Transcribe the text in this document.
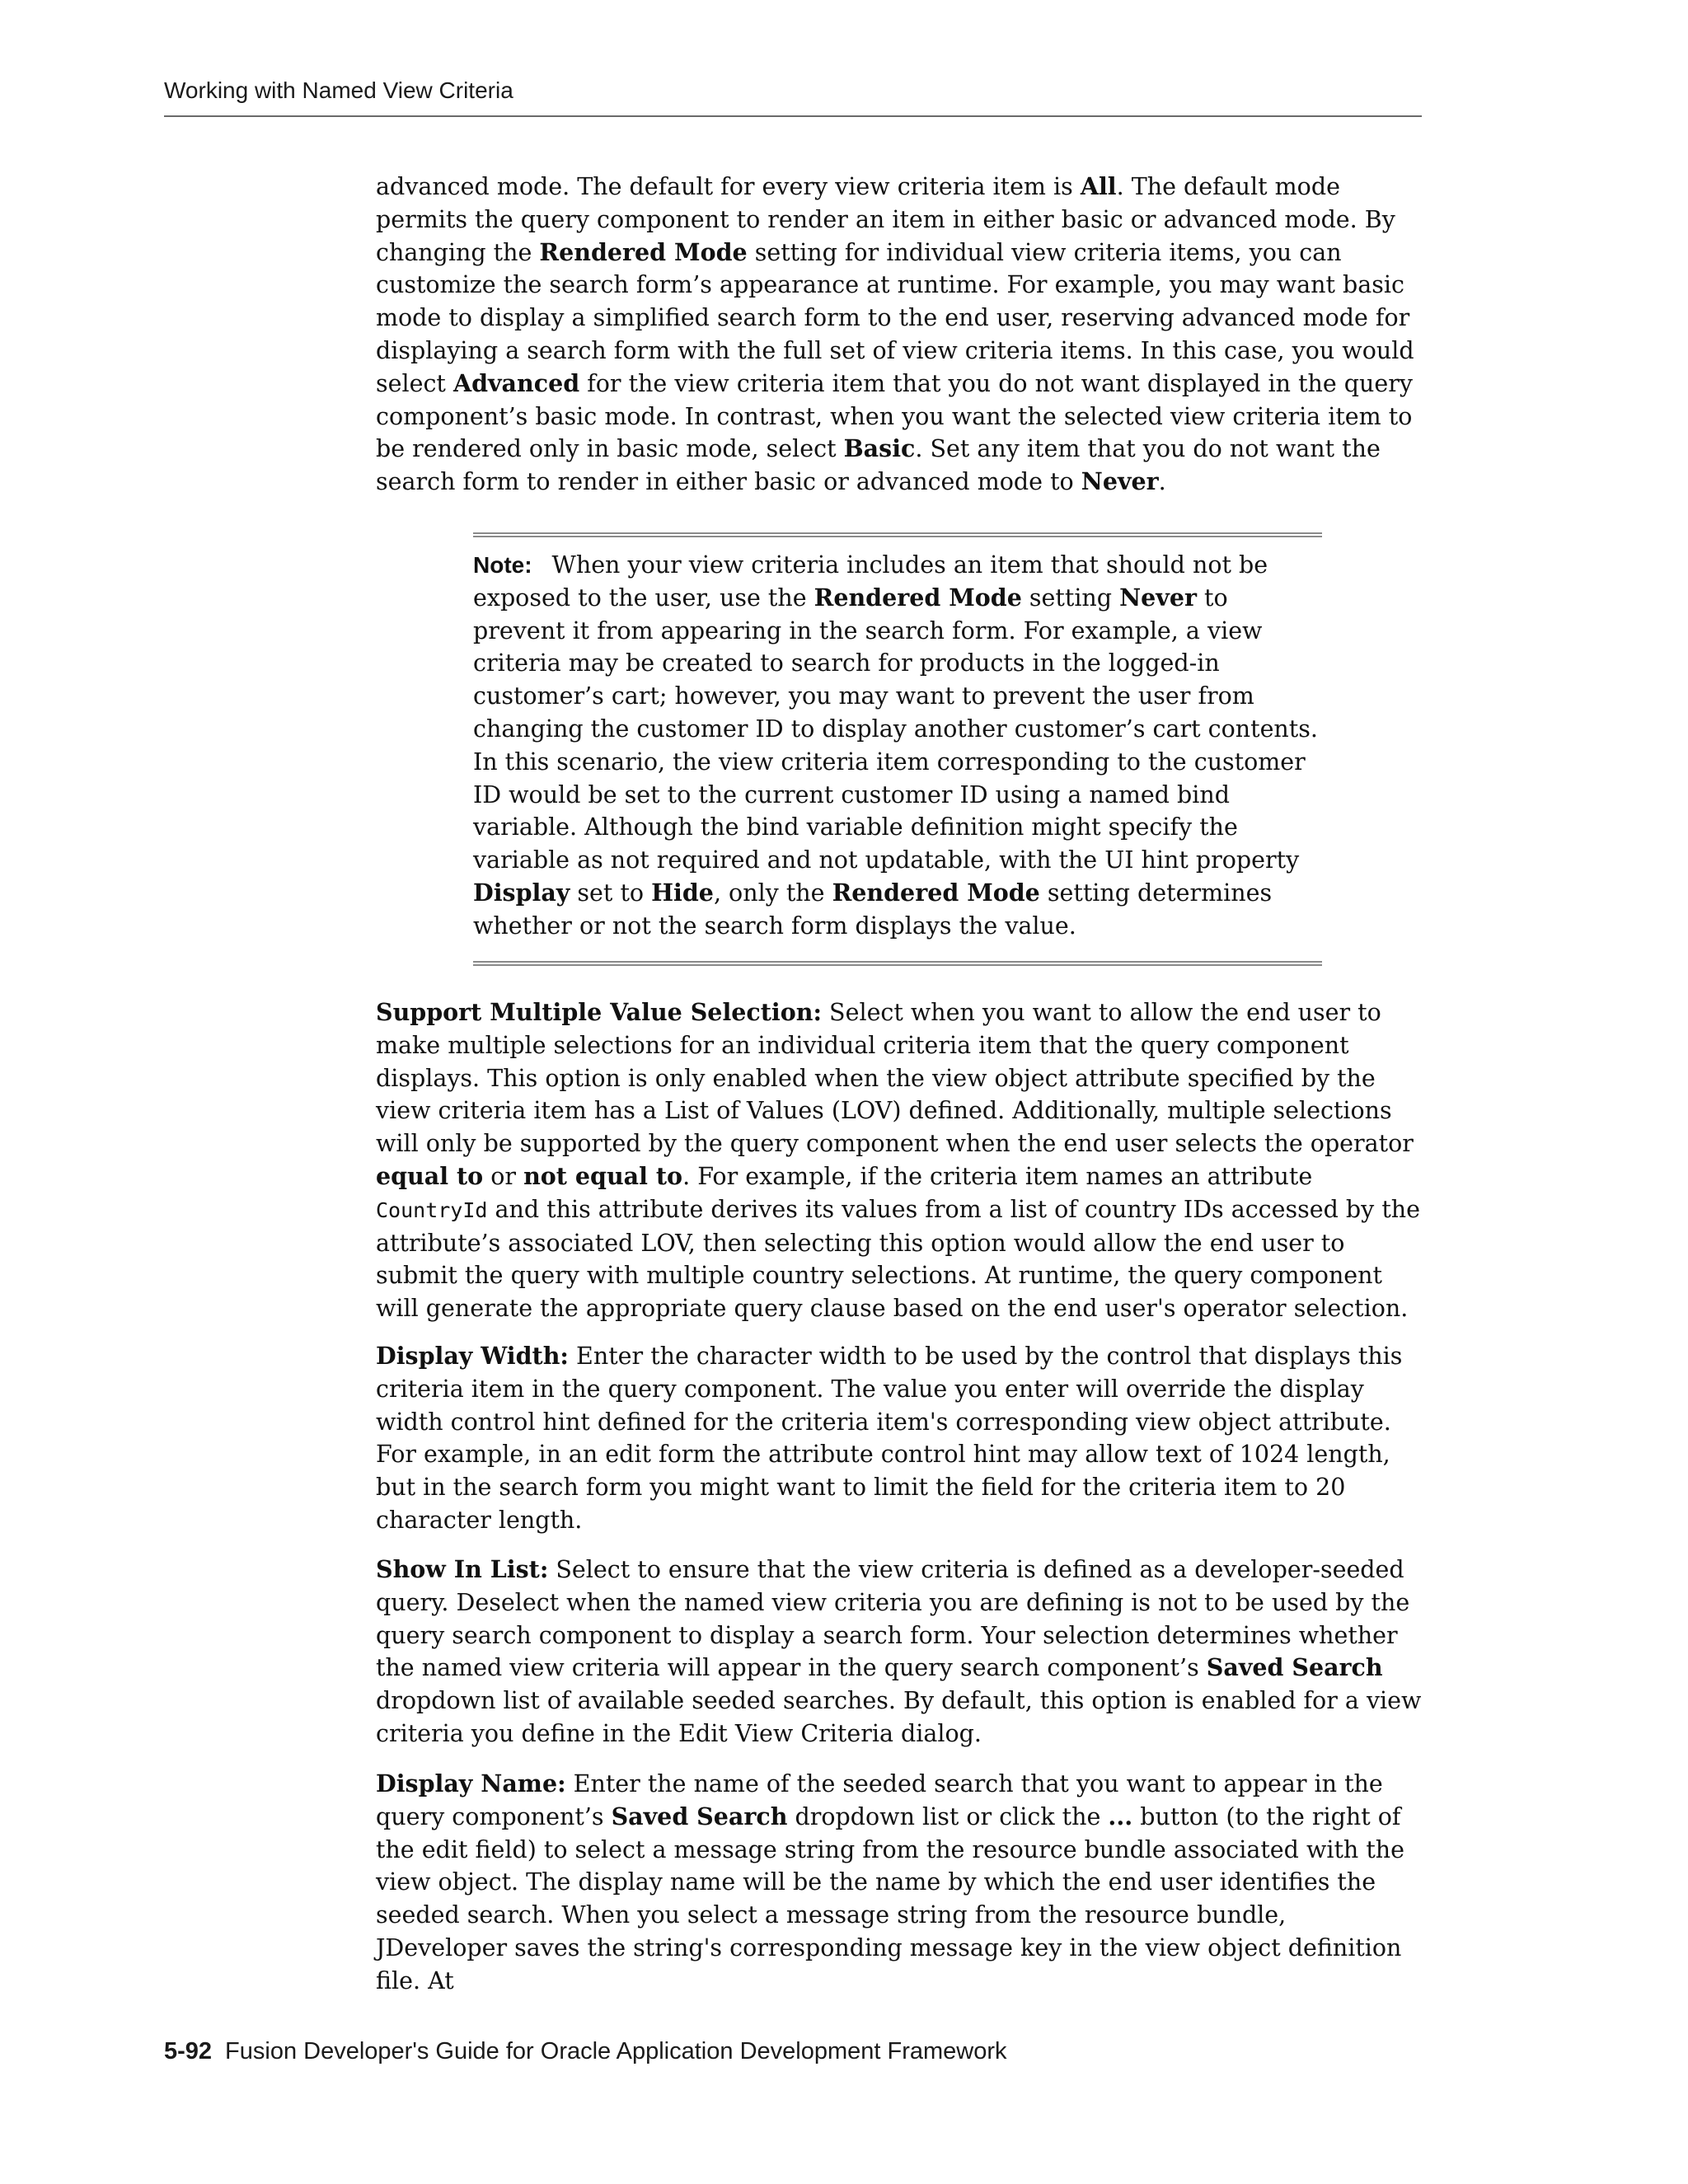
Working with Named View Criteria

advanced mode. The default for every view criteria item is All. The default mode permits the query component to render an item in either basic or advanced mode. By changing the Rendered Mode setting for individual view criteria items, you can customize the search form’s appearance at runtime. For example, you may want basic mode to display a simplified search form to the end user, reserving advanced mode for displaying a search form with the full set of view criteria items. In this case, you would select Advanced for the view criteria item that you do not want displayed in the query component’s basic mode. In contrast, when you want the selected view criteria item to be rendered only in basic mode, select Basic. Set any item that you do not want the search form to render in either basic or advanced mode to Never.

Note: When your view criteria includes an item that should not be exposed to the user, use the Rendered Mode setting Never to prevent it from appearing in the search form. For example, a view criteria may be created to search for products in the logged-in customer’s cart; however, you may want to prevent the user from changing the customer ID to display another customer’s cart contents. In this scenario, the view criteria item corresponding to the customer ID would be set to the current customer ID using a named bind variable. Although the bind variable definition might specify the variable as not required and not updatable, with the UI hint property Display set to Hide, only the Rendered Mode setting determines whether or not the search form displays the value.

Support Multiple Value Selection: Select when you want to allow the end user to make multiple selections for an individual criteria item that the query component displays. This option is only enabled when the view object attribute specified by the view criteria item has a List of Values (LOV) defined. Additionally, multiple selections will only be supported by the query component when the end user selects the operator equal to or not equal to. For example, if the criteria item names an attribute CountryId and this attribute derives its values from a list of country IDs accessed by the attribute’s associated LOV, then selecting this option would allow the end user to submit the query with multiple country selections. At runtime, the query component will generate the appropriate query clause based on the end user's operator selection.

Display Width: Enter the character width to be used by the control that displays this criteria item in the query component. The value you enter will override the display width control hint defined for the criteria item's corresponding view object attribute. For example, in an edit form the attribute control hint may allow text of 1024 length, but in the search form you might want to limit the field for the criteria item to 20 character length.

Show In List: Select to ensure that the view criteria is defined as a developer-seeded query. Deselect when the named view criteria you are defining is not to be used by the query search component to display a search form. Your selection determines whether the named view criteria will appear in the query search component’s Saved Search dropdown list of available seeded searches. By default, this option is enabled for a view criteria you define in the Edit View Criteria dialog.

Display Name: Enter the name of the seeded search that you want to appear in the query component’s Saved Search dropdown list or click the ... button (to the right of the edit field) to select a message string from the resource bundle associated with the view object. The display name will be the name by which the end user identifies the seeded search. When you select a message string from the resource bundle, JDeveloper saves the string's corresponding message key in the view object definition file. At

5-92 Fusion Developer's Guide for Oracle Application Development Framework
